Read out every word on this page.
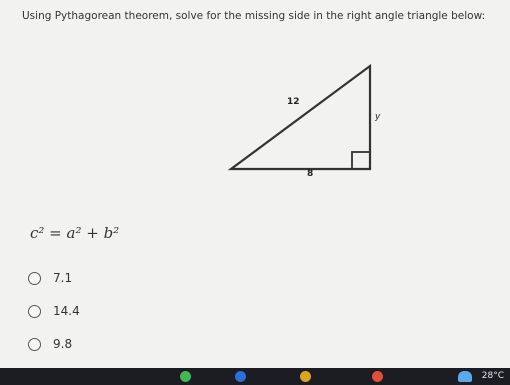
Using Pythagorean theorem, solve for the missing side in the right angle triangle below:
12
y
8
c² = a² + b²
7.1
14.4
9.8
28°C
